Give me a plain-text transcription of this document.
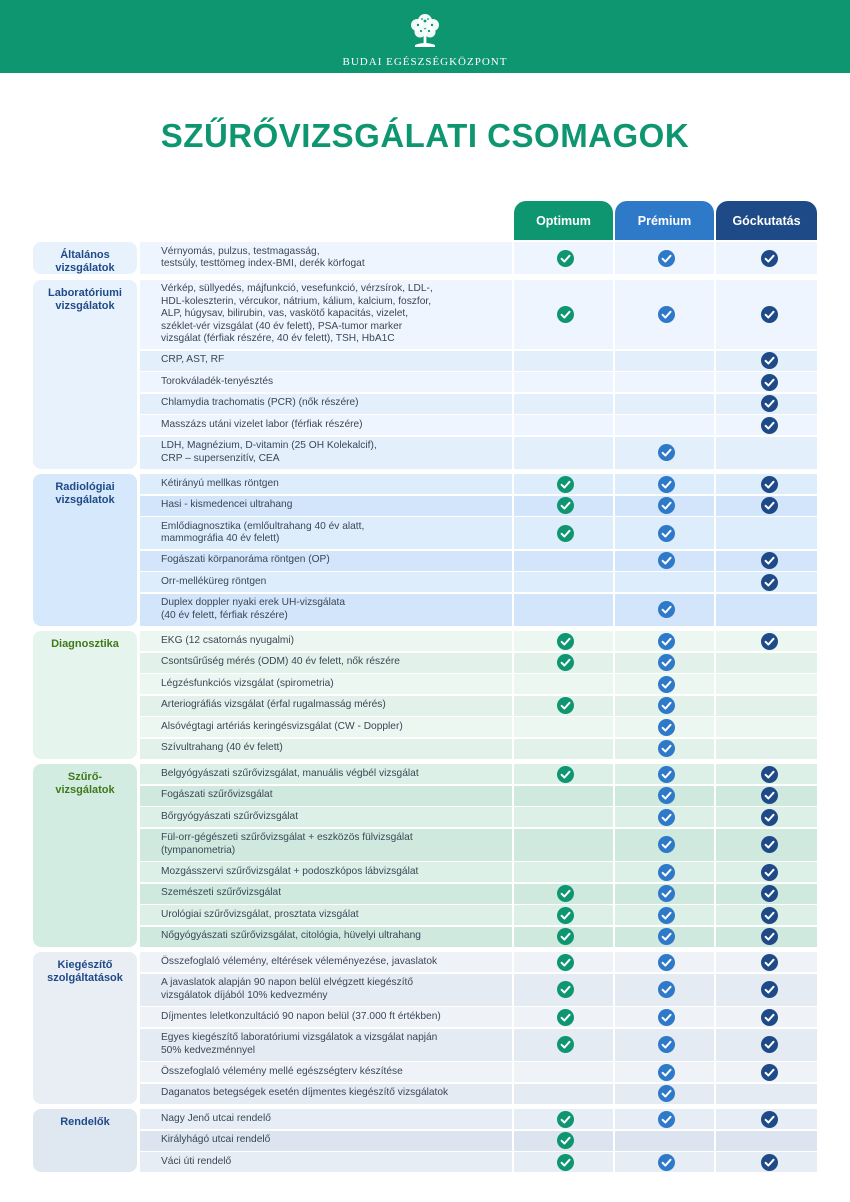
BUDAI EGÉSZSÉGKÖZPONT
SZŰRŐVIZSGÁLATI CSOMAGOK
Optimum	Prémium	Góckutatás
Vérnyomás, pulzus, testmagasság,
testsúly, testtömeg index-BMI, derék körfogat
Általános
vizsgálatok
Vérkép, süllyedés, májfunkció, vesefunkció, vérzsírok, LDL-,
HDL-koleszterin, vércukor, nátrium, kálium, kalcium, foszfor,
ALP, húgysav, bilirubin, vas, vaskötő kapacitás, vizelet,
széklet-vér vizsgálat (40 év felett), PSA-tumor marker
vizsgálat (férfiak részére, 40 év felett), TSH, HbA1C
CRP, AST, RF
Torokváladék-tenyésztés
Chlamydia trachomatis (PCR) (nők részére)
Masszázs utáni vizelet labor (férfiak részére)
LDH, Magnézium, D-vitamin (25 OH Kolekalcif),
CRP – supersenzitív, CEA
Laboratóriumi
vizsgálatok
Kétirányú mellkas röntgen
Hasi - kismedencei ultrahang
Emlődiagnosztika (emlőultrahang 40 év alatt,
mammográfia 40 év felett)
Fogászati körpanoráma röntgen (OP)
Orr-melléküreg röntgen
Duplex doppler nyaki erek UH-vizsgálata
(40 év felett, férfiak részére)
Radiológiai
vizsgálatok
EKG (12 csatornás nyugalmi)
Csontsűrűség mérés (ODM) 40 év felett, nők részére
Légzésfunkciós vizsgálat (spirometria)
Arteriográfiás vizsgálat (érfal rugalmasság mérés)
Alsóvégtagi artériás keringésvizsgálat (CW - Doppler)
Szívultrahang (40 év felett)
Diagnosztika
Belgyógyászati szűrővizsgálat, manuális végbél vizsgálat
Fogászati szűrővizsgálat
Bőrgyógyászati szűrővizsgálat
Fül-orr-gégészeti szűrővizsgálat + eszközös fülvizsgálat
(tympanometria)
Mozgásszervi szűrővizsgálat + podoszkópos lábvizsgálat
Szemészeti szűrővizsgálat
Urológiai szűrővizsgálat, prosztata vizsgálat
Nőgyógyászati szűrővizsgálat, citológia, hüvelyi ultrahang
Szűrő-
vizsgálatok
Összefoglaló vélemény, eltérések véleményezése, javaslatok
A javaslatok alapján 90 napon belül elvégzett kiegészítő
vizsgálatok díjából 10% kedvezmény
Díjmentes leletkonzultáció 90 napon belül (37.000 ft értékben)
Egyes kiegészítő laboratóriumi vizsgálatok a vizsgálat napján
50% kedvezménnyel
Összefoglaló vélemény mellé egészségterv készítése
Daganatos betegségek esetén díjmentes kiegészítő vizsgálatok
Kiegészítő
szolgáltatások
Nagy Jenő utcai rendelő
Királyhágó utcai rendelő
Váci úti rendelő
Rendelők
